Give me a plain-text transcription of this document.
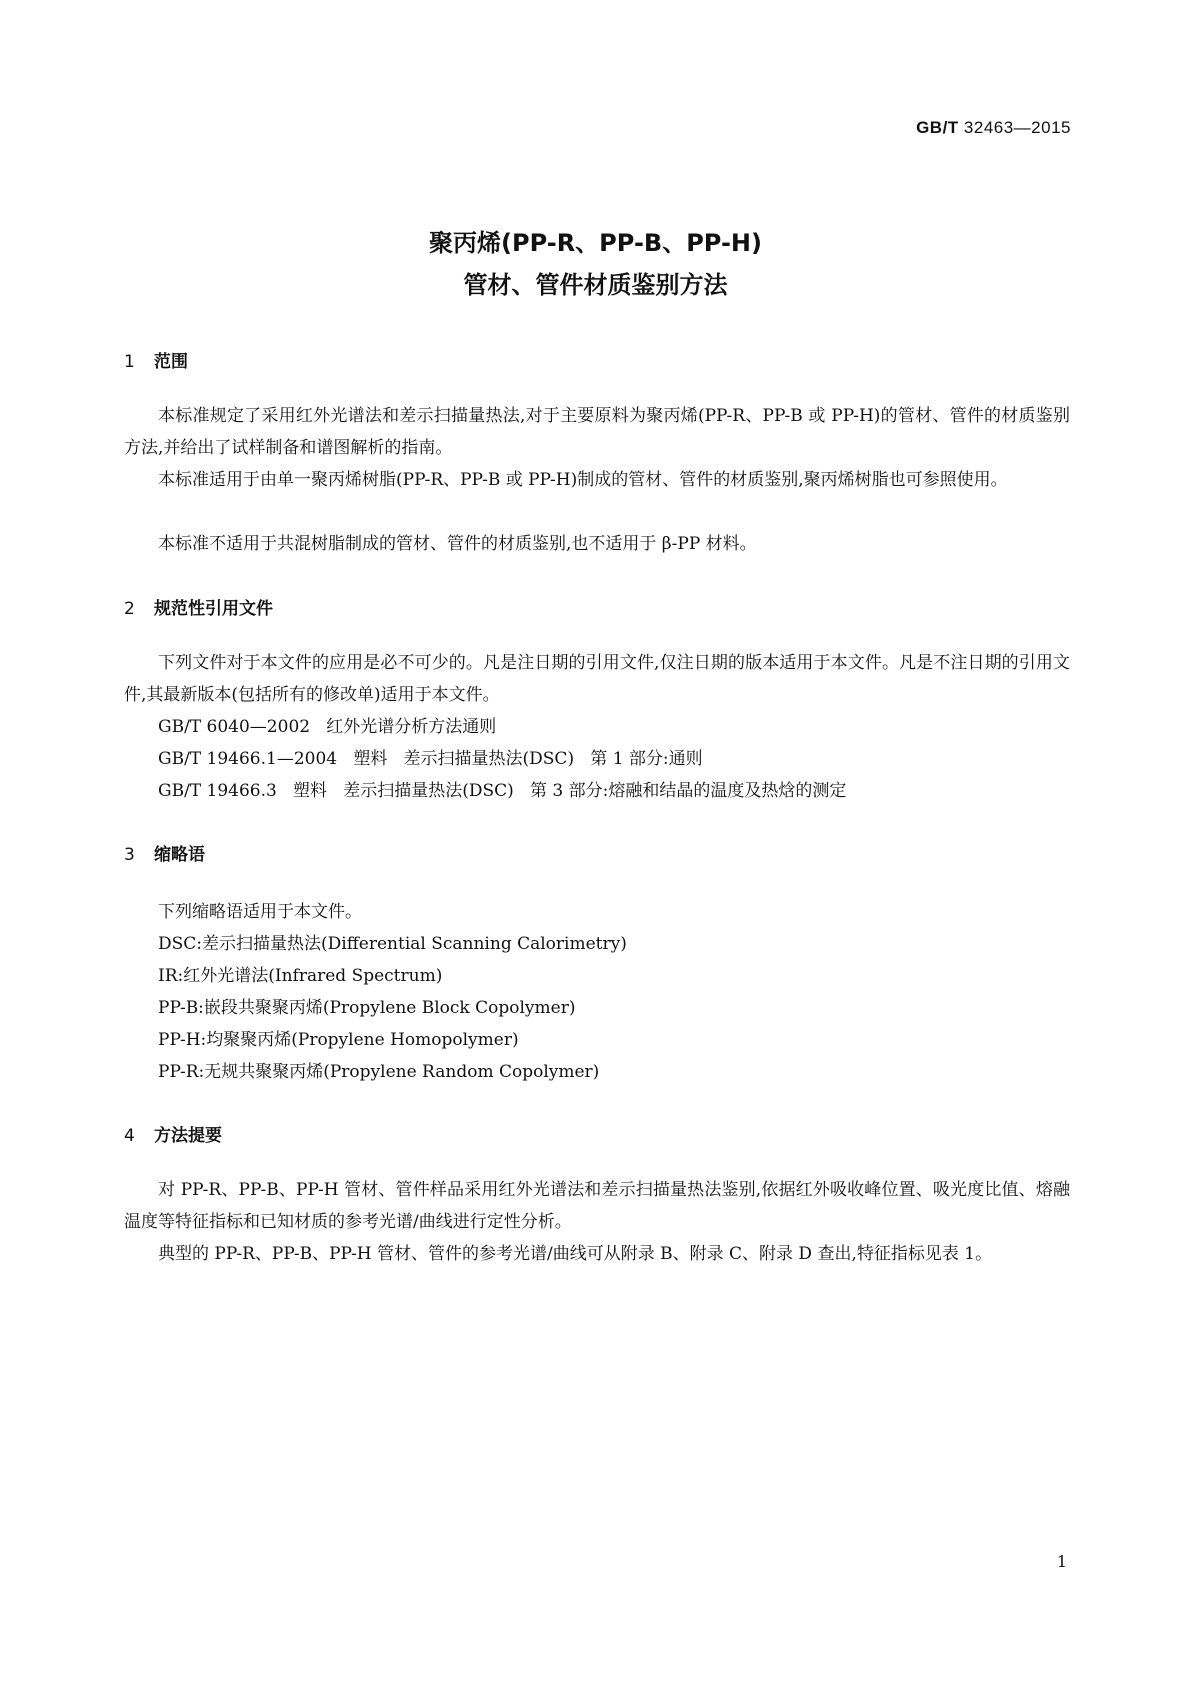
GB/T 32463—2015
聚丙烯(PP-R、PP-B、PP-H)
管材、管件材质鉴别方法
1 范围

本标准规定了采用红外光谱法和差示扫描量热法,对于主要原料为聚丙烯(PP-R、PP-B 或 PP-H)的管材、管件的材质鉴别方法,并给出了试样制备和谱图解析的指南。

本标准适用于由单一聚丙烯树脂(PP-R、PP-B 或 PP-H)制成的管材、管件的材质鉴别,聚丙烯树脂也可参照使用。

本标准不适用于共混树脂制成的管材、管件的材质鉴别,也不适用于 β-PP 材料。

2 规范性引用文件

下列文件对于本文件的应用是必不可少的。凡是注日期的引用文件,仅注日期的版本适用于本文件。凡是不注日期的引用文件,其最新版本(包括所有的修改单)适用于本文件。

GB/T 6040—2002   红外光谱分析方法通则

GB/T 19466.1—2004   塑料   差示扫描量热法(DSC)   第 1 部分:通则

GB/T 19466.3   塑料   差示扫描量热法(DSC)   第 3 部分:熔融和结晶的温度及热焓的测定

3 缩略语

下列缩略语适用于本文件。

DSC:差示扫描量热法(Differential Scanning Calorimetry)

IR:红外光谱法(Infrared Spectrum)

PP-B:嵌段共聚聚丙烯(Propylene Block Copolymer)

PP-H:均聚聚丙烯(Propylene Homopolymer)

PP-R:无规共聚聚丙烯(Propylene Random Copolymer)

4 方法提要

对 PP-R、PP-B、PP-H 管材、管件样品采用红外光谱法和差示扫描量热法鉴别,依据红外吸收峰位置、吸光度比值、熔融温度等特征指标和已知材质的参考光谱/曲线进行定性分析。

典型的 PP-R、PP-B、PP-H 管材、管件的参考光谱/曲线可从附录 B、附录 C、附录 D 查出,特征指标见表 1。

1
